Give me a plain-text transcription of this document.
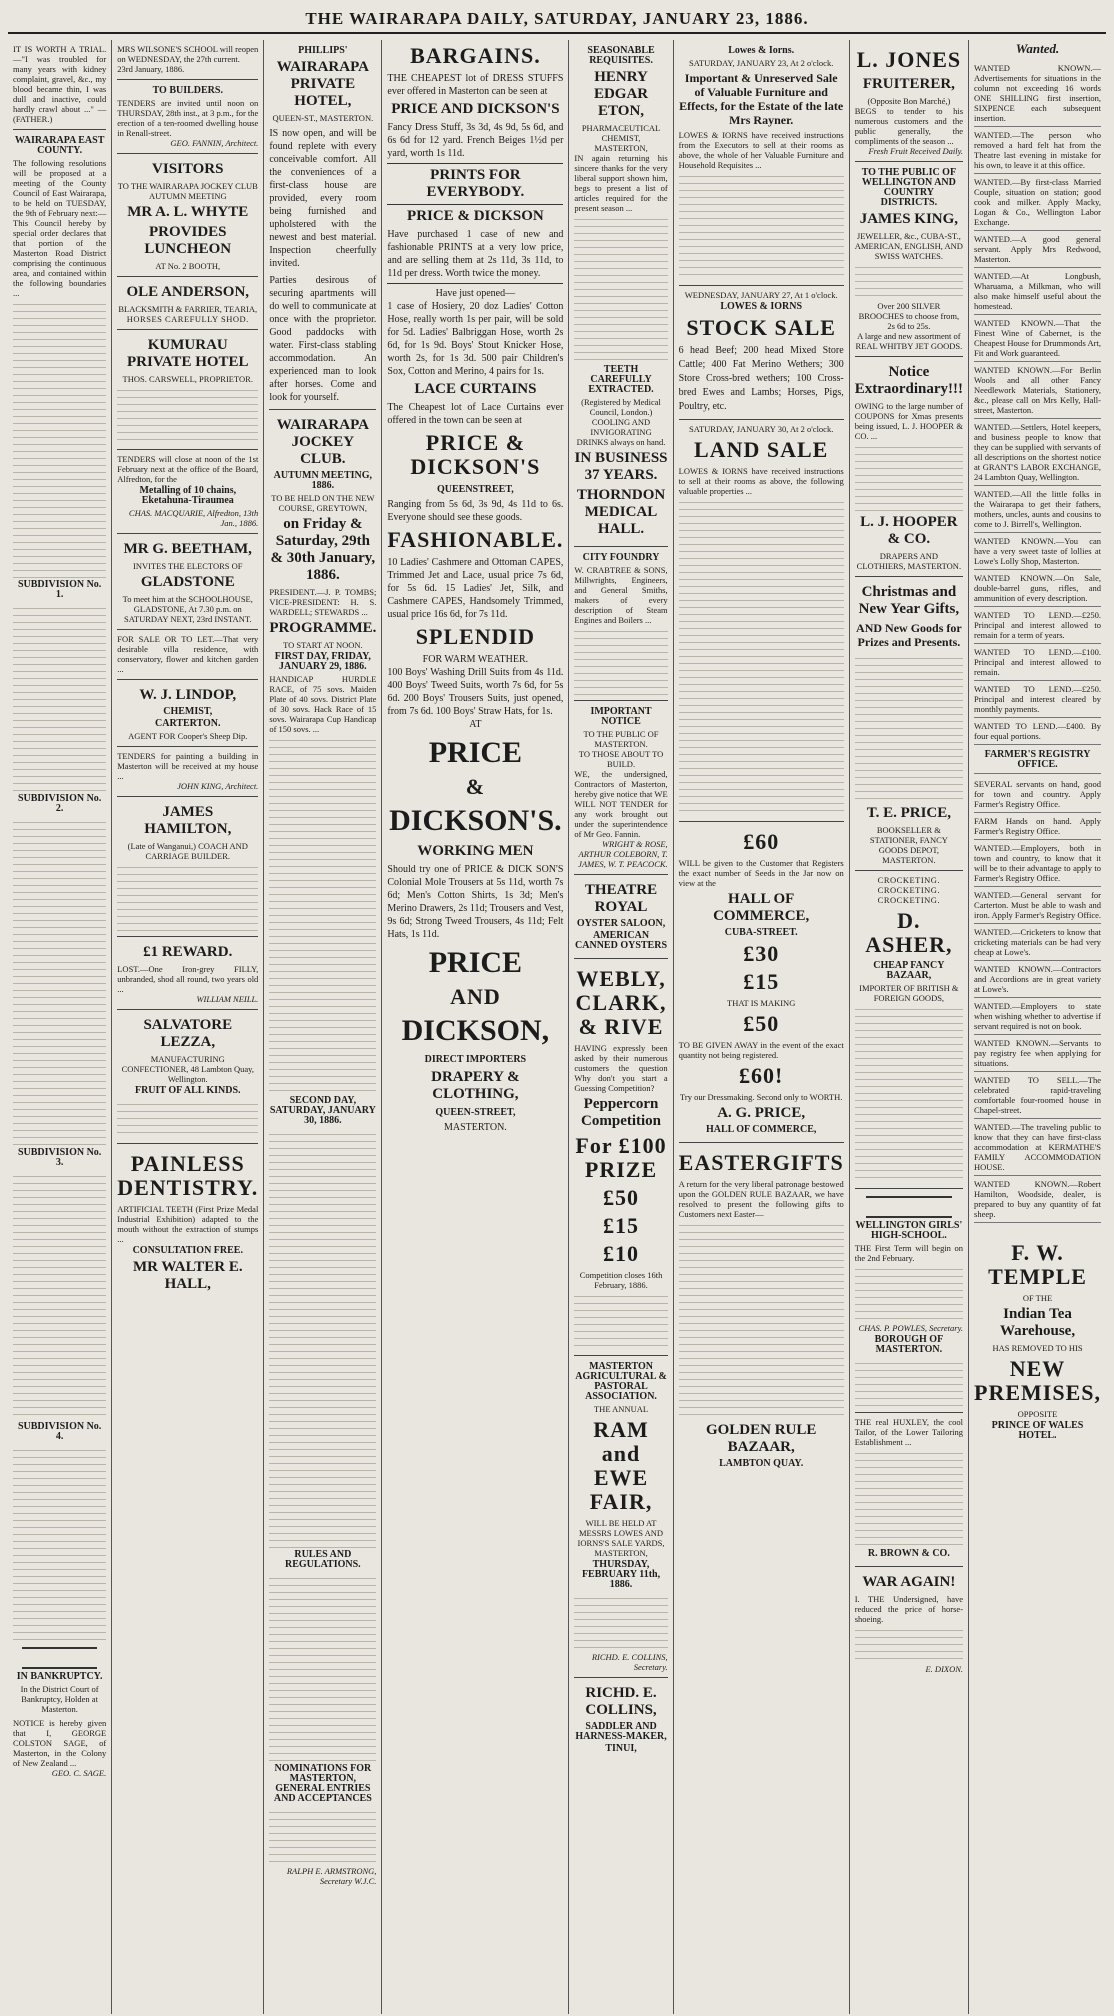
THE WAIRARAPA DAILY, SATURDAY, JANUARY 23, 1886.
IT IS WORTH A TRIAL.—"I was troubled for many years with kidney complaint, gravel, &c., my blood became thin, I was dull and inactive, could hardly crawl about ..." — (FATHER.)
WAIRARAPA EAST COUNTY.
The following resolutions will be proposed at a meeting of the County Council of East Wairarapa, to be held on TUESDAY, the 9th of February next:— This Council hereby by special order declares that that portion of the Masterton Road District comprising the continuous area, and contained within the following boundaries ...
SUBDIVISION No. 1.
SUBDIVISION No. 2.
SUBDIVISION No. 3.
SUBDIVISION No. 4.
IN BANKRUPTCY.
In the District Court of Bankruptcy, Holden at Masterton.
NOTICE is hereby given that I, GEORGE COLSTON SAGE, of Masterton, in the Colony of New Zealand ...
GEO. C. SAGE.
MRS WILSONE'S SCHOOL will reopen on WEDNESDAY, the 27th current.
23rd January, 1886.
TO BUILDERS.
TENDERS are invited until noon on THURSDAY, 28th inst., at 3 p.m., for the erection of a ten-roomed dwelling house in Renall-street.
GEO. FANNIN, Architect.
VISITORS
TO THE WAIRARAPA JOCKEY CLUB AUTUMN MEETING
MR A. L. WHYTE
PROVIDES LUNCHEON
AT No. 2 BOOTH,
OLE ANDERSON,
BLACKSMITH & FARRIER, TEARIA,
HORSES CAREFULLY SHOD.
KUMURAU PRIVATE HOTEL
THOS. CARSWELL, PROPRIETOR.
TENDERS will close at noon of the 1st February next at the office of the Board, Alfredton, for the
Metalling of 10 chains, Eketahuna-Tiraumea
CHAS. MACQUARIE, Alfredton, 13th Jan., 1886.
MR G. BEETHAM,
INVITES THE ELECTORS OF
GLADSTONE
To meet him at the SCHOOLHOUSE, GLADSTONE, At 7.30 p.m. on SATURDAY NEXT, 23rd INSTANT.
FOR SALE OR TO LET.—That very desirable villa residence, with conservatory, flower and kitchen garden ...
W. J. LINDOP,
CHEMIST,
CARTERTON.
AGENT FOR Cooper's Sheep Dip.
TENDERS for painting a building in Masterton will be received at my house ...
JOHN KING, Architect.
JAMES HAMILTON,
(Late of Wanganui,) COACH AND CARRIAGE BUILDER.
£1 REWARD.
LOST.—One Iron-grey FILLY, unbranded, shod all round, two years old ...
WILLIAM NEILL.
SALVATORE LEZZA,
MANUFACTURING CONFECTIONER, 48 Lambton Quay, Wellington.
FRUIT OF ALL KINDS.
PAINLESS DENTISTRY.
ARTIFICIAL TEETH (First Prize Medal Industrial Exhibition) adapted to the mouth without the extraction of stumps ...
CONSULTATION FREE.
MR WALTER E. HALL,
PHILLIPS'
WAIRARAPA PRIVATE HOTEL,
QUEEN-ST., MASTERTON.
IS now open, and will be found replete with every conceivable comfort. All the conveniences of a first-class house are provided, every room being furnished and upholstered with the newest and best material. Inspection cheerfully invited.
Parties desirous of securing apartments will do well to communicate at once with the proprietor. Good paddocks with water. First-class stabling accommodation. An experienced man to look after horses. Come and look for yourself.
WAIRARAPA JOCKEY CLUB.
AUTUMN MEETING, 1886.
TO BE HELD ON THE NEW COURSE, GREYTOWN,
on Friday & Saturday, 29th & 30th January, 1886.
PRESIDENT.—J. P. TOMBS; VICE-PRESIDENT: H. S. WARDELL; STEWARDS ...
PROGRAMME.
TO START AT NOON.
FIRST DAY, FRIDAY, JANUARY 29, 1886.
HANDICAP HURDLE RACE, of 75 sovs. Maiden Plate of 40 sovs. District Plate of 30 sovs. Hack Race of 15 sovs. Wairarapa Cup Handicap of 150 sovs. ...
SECOND DAY, SATURDAY, JANUARY 30, 1886.
RULES AND REGULATIONS.
NOMINATIONS FOR MASTERTON, GENERAL ENTRIES AND ACCEPTANCES
RALPH E. ARMSTRONG, Secretary W.J.C.
BARGAINS.
THE CHEAPEST lot of DRESS STUFFS ever offered in Masterton can be seen at
PRICE AND DICKSON'S
Fancy Dress Stuff, 3s 3d, 4s 9d, 5s 6d, and 6s 6d for 12 yard. French Beiges 1½d per yard, worth 1s 11d.
PRINTS FOR EVERYBODY.
PRICE & DICKSON
Have purchased 1 case of new and fashionable PRINTS at a very low price, and are selling them at 2s 11d, 3s 11d, to 11d per dress. Worth twice the money.
Have just opened—
1 case of Hosiery, 20 doz Ladies' Cotton Hose, really worth 1s per pair, will be sold for 5d. Ladies' Balbriggan Hose, worth 2s 6d, for 1s 9d. Boys' Stout Knicker Hose, worth 2s, for 1s 3d. 500 pair Children's Sox, Cotton and Merino, 4 pairs for 1s.
LACE CURTAINS
The Cheapest lot of Lace Curtains ever offered in the town can be seen at
PRICE & DICKSON'S
QUEENSTREET,
Ranging from 5s 6d, 3s 9d, 4s 11d to 6s. Everyone should see these goods.
FASHIONABLE.
10 Ladies' Cashmere and Ottoman CAPES, Trimmed Jet and Lace, usual price 7s 6d, for 5s 6d. 15 Ladies' Jet, Silk, and Cashmere CAPES, Handsomely Trimmed, usual price 16s 6d, for 7s 11d.
SPLENDID
FOR WARM WEATHER.
100 Boys' Washing Drill Suits from 4s 11d. 400 Boys' Tweed Suits, worth 7s 6d, for 5s 6d. 200 Boys' Trousers Suits, just opened, from 7s 6d. 100 Boys' Straw Hats, for 1s.
AT
PRICE
&
DICKSON'S.
WORKING MEN
Should try one of PRICE & DICK SON'S Colonial Mole Trousers at 5s 11d, worth 7s 6d; Men's Cotton Shirts, 1s 3d; Men's Merino Drawers, 2s 11d; Trousers and Vest, 9s 6d; Strong Tweed Trousers, 4s 11d; Felt Hats, 1s 11d.
PRICE
AND
DICKSON,
DIRECT IMPORTERS
DRAPERY & CLOTHING,
QUEEN-STREET,
MASTERTON.
SEASONABLE REQUISITES.
HENRY EDGAR ETON,
PHARMACEUTICAL CHEMIST, MASTERTON,
IN again returning his sincere thanks for the very liberal support shown him, begs to present a list of articles required for the present season ...
TEETH CAREFULLY EXTRACTED.
(Registered by Medical Council, London.)
COOLING AND INVIGORATING DRINKS always on hand.
IN BUSINESS 37 YEARS.
THORNDON MEDICAL HALL.
CITY FOUNDRY
W. CRABTREE & SONS, Millwrights, Engineers, and General Smiths, makers of every description of Steam Engines and Boilers ...
IMPORTANT NOTICE
TO THE PUBLIC OF MASTERTON.
TO THOSE ABOUT TO BUILD.
WE, the undersigned, Contractors of Masterton, hereby give notice that WE WILL NOT TENDER for any work brought out under the superintendence of Mr Geo. Fannin.
WRIGHT & ROSE, ARTHUR COLEBORN, T. JAMES, W. T. PEACOCK.
THEATRE ROYAL
OYSTER SALOON,
AMERICAN CANNED OYSTERS
WEBLY, CLARK, & RIVE
HAVING expressly been asked by their numerous customers the question Why don't you start a Guessing Competition?
Peppercorn Competition
For £100 PRIZE
£50
£15
£10
Competition closes 16th February, 1886.
MASTERTON AGRICULTURAL & PASTORAL ASSOCIATION.
THE ANNUAL
RAM and EWE FAIR,
WILL BE HELD AT MESSRS LOWES AND IORNS'S SALE YARDS, MASTERTON,
THURSDAY, FEBRUARY 11th, 1886.
RICHD. E. COLLINS, Secretary.
RICHD. E. COLLINS,
SADDLER AND HARNESS-MAKER,
TINUI,
Lowes & Iorns.
SATURDAY, JANUARY 23, At 2 o'clock.
Important & Unreserved Sale of Valuable Furniture and Effects, for the Estate of the late Mrs Rayner.
LOWES & IORNS have received instructions from the Executors to sell at their rooms as above, the whole of her Valuable Furniture and Household Requisites ...
WEDNESDAY, JANUARY 27, At 1 o'clock.
LOWES & IORNS
STOCK SALE
6 head Beef; 200 head Mixed Store Cattle; 400 Fat Merino Wethers; 300 Store Cross-bred wethers; 100 Cross-bred Ewes and Lambs; Horses, Pigs, Poultry, etc.
SATURDAY, JANUARY 30, At 2 o'clock.
LAND SALE
LOWES & IORNS have received instructions to sell at their rooms as above, the following valuable properties ...
£60
WILL be given to the Customer that Registers the exact number of Seeds in the Jar now on view at the
HALL OF COMMERCE,
CUBA-STREET.
£30
£15
THAT IS MAKING
£50
TO BE GIVEN AWAY in the event of the exact quantity not being registered.
£60!
Try our Dressmaking. Second only to WORTH.
A. G. PRICE,
HALL OF COMMERCE,
EASTERGIFTS
A return for the very liberal patronage bestowed upon the GOLDEN RULE BAZAAR, we have resolved to present the following gifts to Customers next Easter—
GOLDEN RULE BAZAAR,
LAMBTON QUAY.
L. JONES
FRUITERER,
(Opposite Bon Marché,)
BEGS to tender to his numerous customers and the public generally, the compliments of the season ...
Fresh Fruit Received Daily.
TO THE PUBLIC OF WELLINGTON AND COUNTRY DISTRICTS.
JAMES KING,
JEWELLER, &c., CUBA-ST.,
AMERICAN, ENGLISH, AND SWISS WATCHES.
Over 200 SILVER BROOCHES to choose from, 2s 6d to 25s.
A large and new assortment of REAL WHITBY JET GOODS.
Notice Extraordinary!!!
OWING to the large number of COUPONS for Xmas presents being issued, L. J. HOOPER & CO. ...
L. J. HOOPER & CO.
DRAPERS AND CLOTHIERS, MASTERTON.
Christmas and New Year Gifts,
AND New Goods for Prizes and Presents.
T. E. PRICE,
BOOKSELLER & STATIONER, FANCY GOODS DEPOT, MASTERTON.
CROCKETING. CROCKETING. CROCKETING.
D. ASHER,
CHEAP FANCY BAZAAR,
IMPORTER OF BRITISH & FOREIGN GOODS,
WELLINGTON GIRLS' HIGH-SCHOOL.
THE First Term will begin on the 2nd February.
CHAS. P. POWLES, Secretary.
BOROUGH OF MASTERTON.
THE real HUXLEY, the cool Tailor, of the Lower Tailoring Establishment ...
R. BROWN & CO.
WAR AGAIN!
I. THE Undersigned, have reduced the price of horse-shoeing.
E. DIXON.
Wanted.
WANTED KNOWN.—Advertisements for situations in the column not exceeding 16 words ONE SHILLING first insertion, SIXPENCE each subsequent insertion.
WANTED.—The person who removed a hard felt hat from the Theatre last evening in mistake for his own, to leave it at this office.
WANTED.—By first-class Married Couple, situation on station; good cook and milker. Apply Macky, Logan & Co., Wellington Labor Exchange.
WANTED.—A good general servant. Apply Mrs Redwood, Masterton.
WANTED.—At Longbush, Wharuama, a Milkman, who will also make himself useful about the homestead.
WANTED KNOWN.—That the Finest Wine of Cabernet, is the Cheapest House for Drummonds Art, Fit and Work guaranteed.
WANTED KNOWN.—For Berlin Wools and all other Fancy Needlework Materials, Stationery, &c., please call on Mrs Kelly, Hall-street, Masterton.
WANTED.—Settlers, Hotel keepers, and business people to know that they can be supplied with servants of all descriptions on the shortest notice at GRANT'S LABOR EXCHANGE, 24 Lambton Quay, Wellington.
WANTED.—All the little folks in the Wairarapa to get their fathers, mothers, uncles, aunts and cousins to come to J. Birrell's, Wellington.
WANTED KNOWN.—You can have a very sweet taste of lollies at Lowe's Lolly Shop, Masterton.
WANTED KNOWN.—On Sale, double-barrel guns, rifles, and ammunition of every description.
WANTED TO LEND.—£250. Principal and interest allowed to remain for a term of years.
WANTED TO LEND.—£100. Principal and interest allowed to remain.
WANTED TO LEND.—£250. Principal and interest cleared by monthly payments.
WANTED TO LEND.—£400. By four equal portions.
FARMER'S REGISTRY OFFICE.
SEVERAL servants on hand, good for town and country. Apply Farmer's Registry Office.
FARM Hands on hand. Apply Farmer's Registry Office.
WANTED.—Employers, both in town and country, to know that it will be to their advantage to apply to Farmer's Registry Office.
WANTED.—General servant for Carterton. Must be able to wash and iron. Apply Farmer's Registry Office.
WANTED.—Cricketers to know that cricketing materials can be had very cheap at Lowe's.
WANTED KNOWN.—Contractors and Accordions are in great variety at Lowe's.
WANTED.—Employers to state when wishing whether to advertise if servant required is not on book.
WANTED KNOWN.—Servants to pay registry fee when applying for situations.
WANTED TO SELL.—The celebrated rapid-traveling comfortable four-roomed house in Chapel-street.
WANTED.—The traveling public to know that they can have first-class accommodation at KERMATHE'S FAMILY ACCOMMODATION HOUSE.
WANTED KNOWN.—Robert Hamilton, Woodside, dealer, is prepared to buy any quantity of fat sheep.
F. W. TEMPLE
OF THE
Indian Tea Warehouse,
HAS REMOVED TO HIS
NEW PREMISES,
OPPOSITE
PRINCE OF WALES HOTEL.
